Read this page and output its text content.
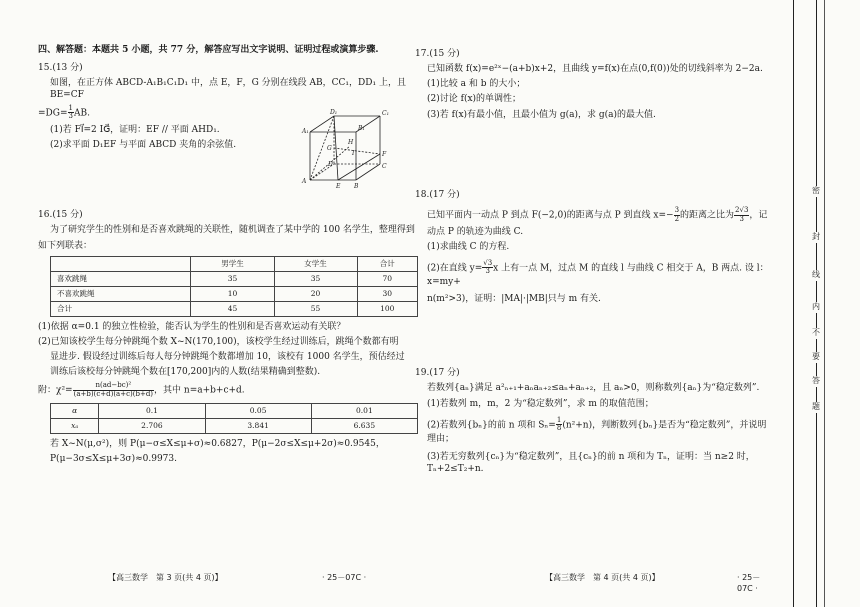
四、解答题：本题共 5 小题，共 77 分，解答应写出文字说明、证明过程或演算步骤.
15.(13 分)
如图，在正方体 ABCD-A₁B₁C₁D₁ 中，点 E，F，G 分别在线段 AB，CC₁，DD₁ 上，且 BE=CF
$=DG= \frac{1}{3}$ AB.
(1)若 FI⃗=2 IG⃗，证明：EF // 平面 AHD₁.
(2)求平面 D₁EF 与平面 ABCD 夹角的余弦值.
D₁	C₁
A₁	B₁
H
G
I	F
D	C
A
E B
16.(15 分)
为了研究学生的性别和是否喜欢跳绳的关联性，随机调查了某中学的 100 名学生，整理得到
如下列联表：
	男学生	女学生	合计
喜欢跳绳	35	35	70
不喜欢跳绳	10	20	30
合计	45	55	100
(1)依据 α=0.1 的独立性检验，能否认为学生的性别和是否喜欢运动有关联？
(2)已知该校学生每分钟跳绳个数 X~N(170,100)，该校学生经过训练后，跳绳个数都有明
显进步. 假设经过训练后每人每分钟跳绳个数都增加 10，该校有 1000 名学生，预估经过
训练后该校每分钟跳绳个数在[170,200]内的人数(结果精确到整数).
附：$\chi^2= \frac{\text{n(ad−bc)²}}{(a+b)(c+d)(a+c)(b+d)}$ ，其中 n=a+b+c+d.
α	0.1	0.05	0.01
xₐ	2.706	3.841	6.635
若 X~N(μ,σ²)，则 P(μ−σ≤X≤μ+σ)≈0.6827，P(μ−2σ≤X≤μ+2σ)≈0.9545，
P(μ−3σ≤X≤μ+3σ)≈0.9973.
【高三数学　第 3 页(共 4 页)】	· 25－07C ·
17.(15 分)
已知函数 f(x)=e²ˣ−(a+b)x+2，且曲线 y=f(x)在点(0,f(0))处的切线斜率为 2−2a.
(1)比较 a 和 b 的大小；
(2)讨论 f(x)的单调性；
(3)若 f(x)有最小值，且最小值为 g(a)，求 g(a)的最大值.
18.(17 分)
已知平面内一动点 P 到点 F(−2,0)的距离与点 P 到直线 $x=- \frac{3}{2}$ 的距离之比为 $\frac{2√3}{3}$ ，记
动点 P 的轨迹为曲线 C.
(1)求曲线 C 的方程.
(2)在直线 $y= \frac{√3}{3}$ x 上有一点 M，过点 M 的直线 l 与曲线 C 相交于 A，B 两点. 设 l：x=my+
n(m²>3)，证明：|MA|·|MB|只与 m 有关.
19.(17 分)
若数列{aₙ}满足 a²ₙ₊₁+aₙaₙ₊₂≤aₙ+aₙ₊₂，且 aₙ>0，则称数列{aₙ}为“稳定数列”.
(1)若数列 m，m，2 为“稳定数列”，求 m 的取值范围；
(2)若数列{bₙ}的前 n 项和 $S_n= \frac{1}{8} (n^2+n)$，判断数列{bₙ}是否为“稳定数列”，并说明理由；
(3)若无穷数列{cₙ}为“稳定数列”，且{cₙ}的前 n 项和为 Tₙ，证明：当 n≥2 时，Tₙ+2≤T₂+n.
【高三数学　第 4 页(共 4 页)】	· 25－07C ·
密
封
线
内
不
要
答
题
